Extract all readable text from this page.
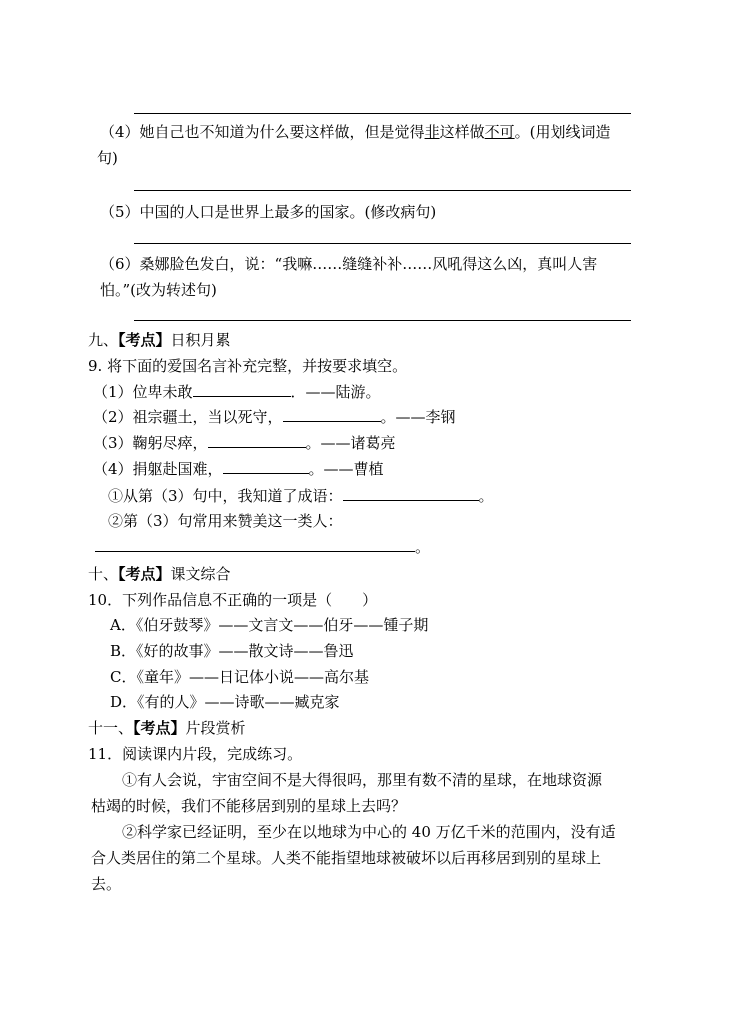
（4）她自己也不知道为什么要这样做，但是觉得非这样做不可。(用划线词造
句)
（5）中国的人口是世界上最多的国家。(修改病句)
（6）桑娜脸色发白，说：“我嘛……缝缝补补……风吼得这么凶，真叫人害
怕。”(改为转述句)
九、【考点】日积月累
9. 将下面的爱国名言补充完整，并按要求填空。
（1）位卑未敢	．——陆游。
（2）祖宗疆土，当以死守，	。——李钢
（3）鞠躬尽瘁，	。——诸葛亮
（4）捐躯赴国难，	。——曹植
①从第（3）句中，我知道了成语：	。
②第（3）句常用来赞美这一类人：
。
十、【考点】课文综合
10．下列作品信息不正确的一项是（　　）
A．《伯牙鼓琴》——文言文——伯牙——锺子期
B．《好的故事》——散文诗——鲁迅
C．《童年》——日记体小说——高尔基
D．《有的人》——诗歌——臧克家
十一、【考点】片段赏析
11．阅读课内片段，完成练习。
①有人会说，宇宙空间不是大得很吗，那里有数不清的星球，在地球资源
枯竭的时候，我们不能移居到别的星球上去吗？
②科学家已经证明，至少在以地球为中心的 40 万亿千米的范围内，没有适
合人类居住的第二个星球。人类不能指望地球被破坏以后再移居到别的星球上
去。
